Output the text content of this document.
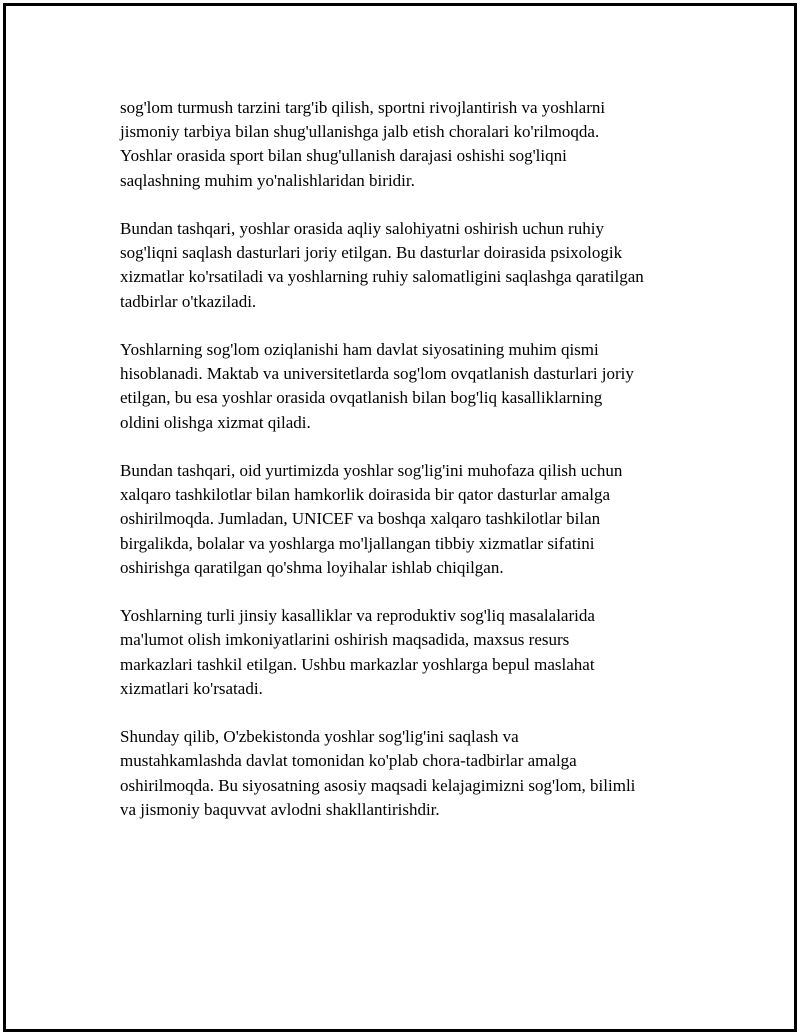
sog'lom turmush tarzini targ'ib qilish, sportni rivojlantirish va yoshlarni
jismoniy tarbiya bilan shug'ullanishga jalb etish choralari ko'rilmoqda.
Yoshlar orasida sport bilan shug'ullanish darajasi oshishi sog'liqni
saqlashning muhim yo'nalishlaridan biridir.

Bundan tashqari, yoshlar orasida aqliy salohiyatni oshirish uchun ruhiy
sog'liqni saqlash dasturlari joriy etilgan. Bu dasturlar doirasida psixologik
xizmatlar ko'rsatiladi va yoshlarning ruhiy salomatligini saqlashga qaratilgan
tadbirlar o'tkaziladi.

Yoshlarning sog'lom oziqlanishi ham davlat siyosatining muhim qismi
hisoblanadi. Maktab va universitetlarda sog'lom ovqatlanish dasturlari joriy
etilgan, bu esa yoshlar orasida ovqatlanish bilan bog'liq kasalliklarning
oldini olishga xizmat qiladi.

Bundan tashqari, oid yurtimizda yoshlar sog'lig'ini muhofaza qilish uchun
xalqaro tashkilotlar bilan hamkorlik doirasida bir qator dasturlar amalga
oshirilmoqda. Jumladan, UNICEF va boshqa xalqaro tashkilotlar bilan
birgalikda, bolalar va yoshlarga mo'ljallangan tibbiy xizmatlar sifatini
oshirishga qaratilgan qo'shma loyihalar ishlab chiqilgan.

Yoshlarning turli jinsiy kasalliklar va reproduktiv sog'liq masalalarida
ma'lumot olish imkoniyatlarini oshirish maqsadida, maxsus resurs
markazlari tashkil etilgan. Ushbu markazlar yoshlarga bepul maslahat
xizmatlari ko'rsatadi.

Shunday qilib, O'zbekistonda yoshlar sog'lig'ini saqlash va
mustahkamlashda davlat tomonidan ko'plab chora-tadbirlar amalga
oshirilmoqda. Bu siyosatning asosiy maqsadi kelajagimizni sog'lom, bilimli
va jismoniy baquvvat avlodni shakllantirishdir.
